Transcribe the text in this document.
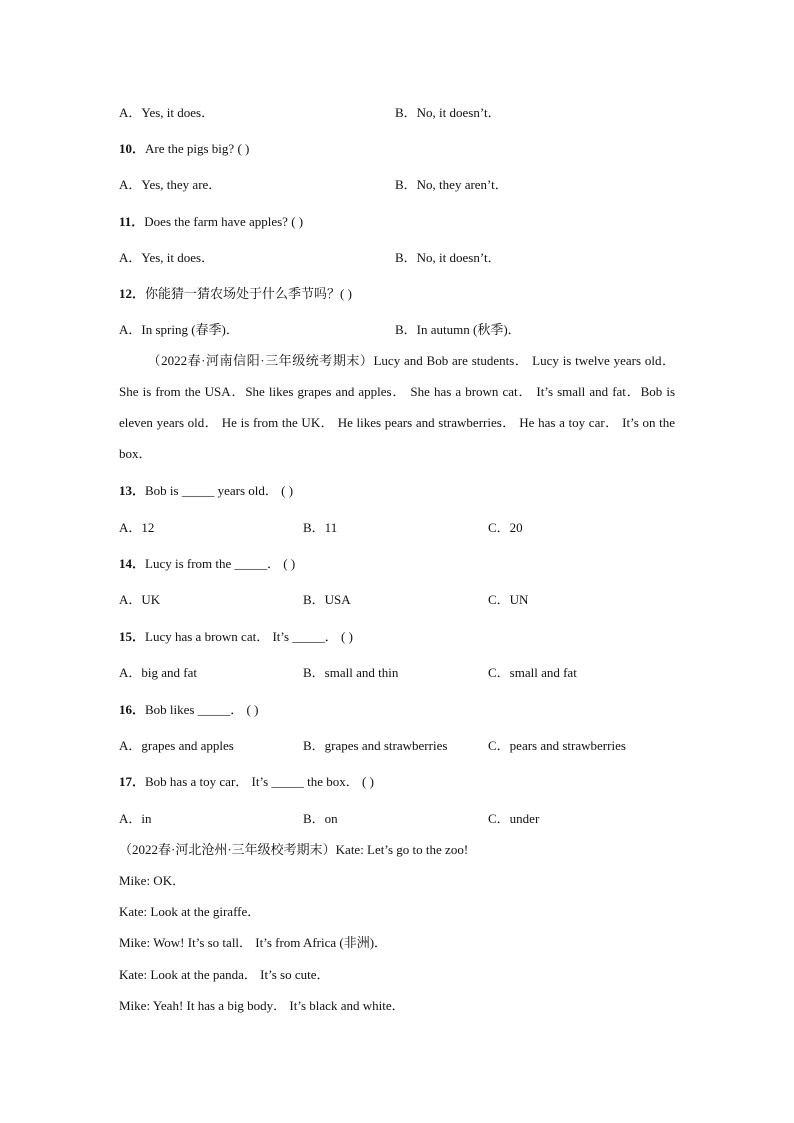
A．Yes, it does．	B．No, it doesn’t．
10．Are the pigs big? ( )
A．Yes, they are．	B．No, they aren’t．
11．Does the farm have apples? ( )
A．Yes, it does．	B．No, it doesn’t．
12．你能猜一猜农场处于什么季节吗？( )
A．In spring (春季)．	B．In autumn (秋季)．
（2022春·河南信阳·三年级统考期末）Lucy and Bob are students． Lucy is twelve years old． She is from the USA．She likes grapes and apples． She has a brown cat． It’s small and fat．Bob is eleven years old． He is from the UK． He likes pears and strawberries． He has a toy car． It’s on the box．
13．Bob is _____ years old． ( )
A．12	B．11	C．20
14．Lucy is from the _____． ( )
A．UK	B．USA	C．UN
15．Lucy has a brown cat． It’s _____． ( )
A．big and fat	B．small and thin	C．small and fat
16．Bob likes _____． ( )
A．grapes and apples	B．grapes and strawberries	C．pears and strawberries
17．Bob has a toy car． It’s _____ the box． ( )
A．in	B．on	C．under
（2022春·河北沧州·三年级校考期末）Kate: Let’s go to the zoo!
Mike: OK．
Kate: Look at the giraffe．
Mike: Wow! It’s so tall． It’s from Africa (非洲)．
Kate: Look at the panda． It’s so cute．
Mike: Yeah! It has a big body． It’s black and white．
